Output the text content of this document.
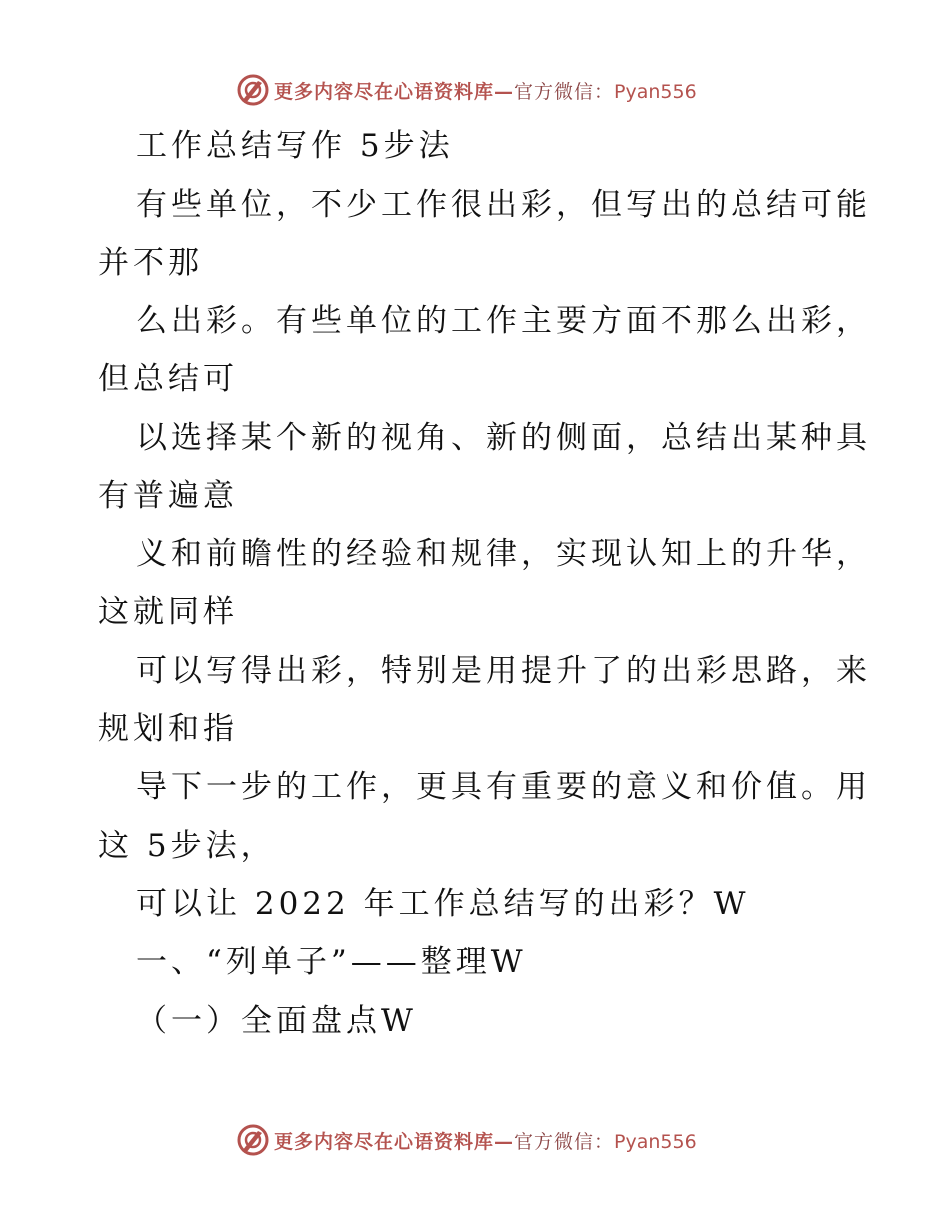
更多内容尽在心语资料库—官方微信：Pyan556
工作总结写作 5步法
有些单位，不少工作很出彩，但写出的总结可能
并不那
么出彩。有些单位的工作主要方面不那么出彩，
但总结可
以选择某个新的视角、新的侧面，总结出某种具
有普遍意
义和前瞻性的经验和规律，实现认知上的升华，
这就同样
可以写得出彩，特别是用提升了的出彩思路，来
规划和指
导下一步的工作，更具有重要的意义和价值。用
这 5步法，
可以让 2022 年工作总结写的出彩？W
一、“列单子”——整理W
（一）全面盘点W
更多内容尽在心语资料库—官方微信：Pyan556
